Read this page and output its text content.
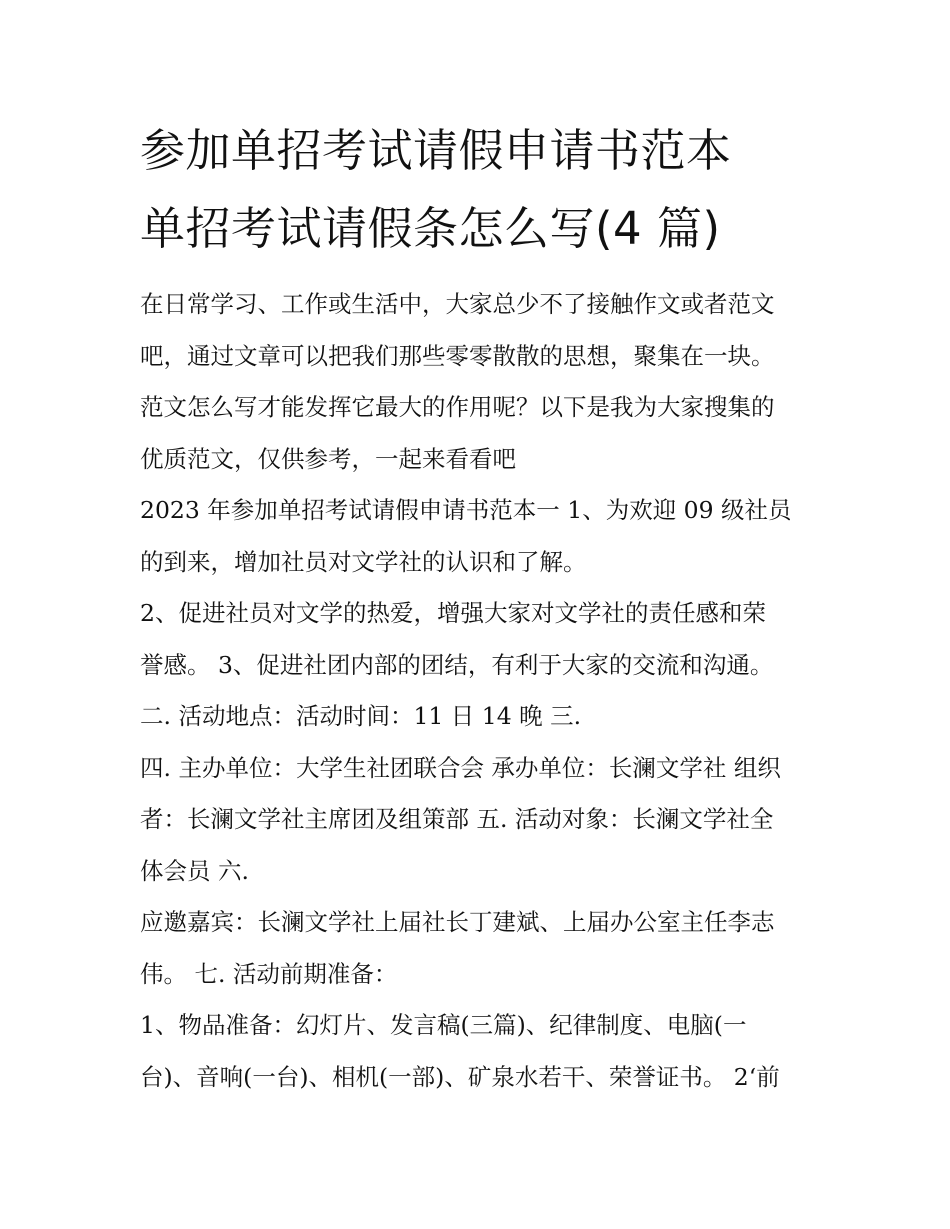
参加单招考试请假申请书范本
单招考试请假条怎么写(4 篇)
在日常学习、工作或生活中，大家总少不了接触作文或者范文
吧，通过文章可以把我们那些零零散散的思想，聚集在一块。
范文怎么写才能发挥它最大的作用呢？以下是我为大家搜集的
优质范文，仅供参考，一起来看看吧
2023 年参加单招考试请假申请书范本一 1、为欢迎 09 级社员
的到来，增加社员对文学社的认识和了解。
2、促进社员对文学的热爱，增强大家对文学社的责任感和荣
誉感。 3、促进社团内部的团结，有利于大家的交流和沟通。
二. 活动地点：活动时间：11 日 14 晚 三.
四. 主办单位：大学生社团联合会 承办单位：长澜文学社 组织
者：长澜文学社主席团及组策部 五. 活动对象：长澜文学社全
体会员 六.
应邀嘉宾：长澜文学社上届社长丁建斌、上届办公室主任李志
伟。 七. 活动前期准备：
1、物品准备：幻灯片、发言稿(三篇)、纪律制度、电脑(一
台)、音响(一台)、相机(一部)、矿泉水若干、荣誉证书。 2‘前
